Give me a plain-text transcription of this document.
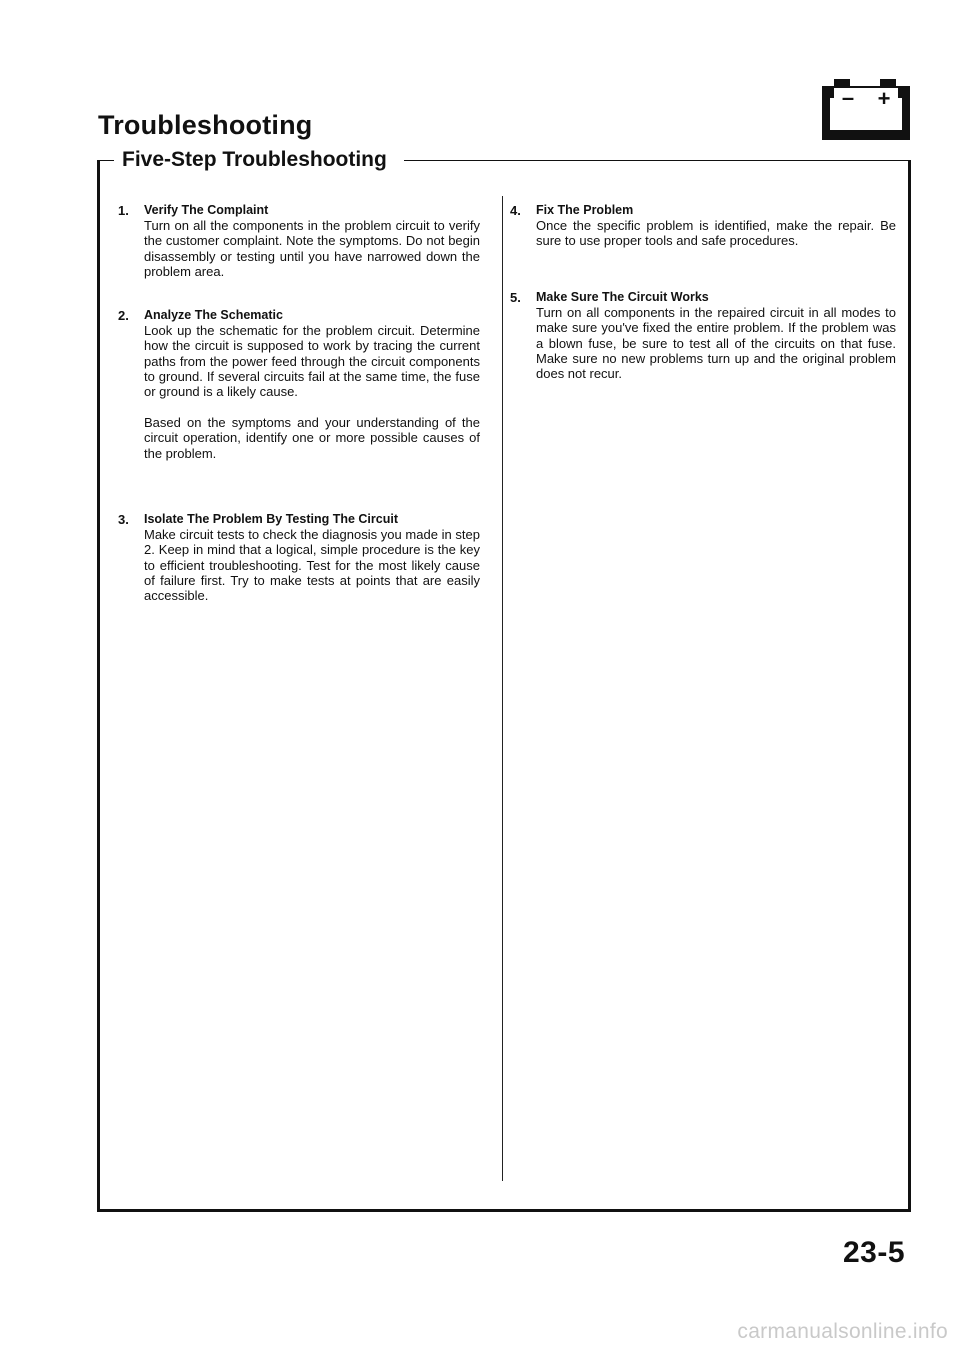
Troubleshooting
– +
Five-Step Troubleshooting
1. Verify The Complaint

Turn on all the components in the problem circuit to verify the customer complaint. Note the symptoms. Do not begin disassembly or testing until you have narrowed down the problem area.

2. Analyze The Schematic

Look up the schematic for the problem circuit. Determine how the circuit is supposed to work by tracing the current paths from the power feed through the circuit components to ground. If several circuits fail at the same time, the fuse or ground is a likely cause.

Based on the symptoms and your understanding of the circuit operation, identify one or more possible causes of the problem.

3. Isolate The Problem By Testing The Circuit

Make circuit tests to check the diagnosis you made in step 2. Keep in mind that a logical, simple procedure is the key to efficient troubleshooting. Test for the most likely cause of failure first. Try to make tests at points that are easily accessible.

4. Fix The Problem

Once the specific problem is identified, make the repair. Be sure to use proper tools and safe procedures.

5. Make Sure The Circuit Works

Turn on all components in the repaired circuit in all modes to make sure you've fixed the entire problem. If the problem was a blown fuse, be sure to test all of the circuits on that fuse. Make sure no new problems turn up and the original problem does not recur.

23-5
carmanualsonline.info
